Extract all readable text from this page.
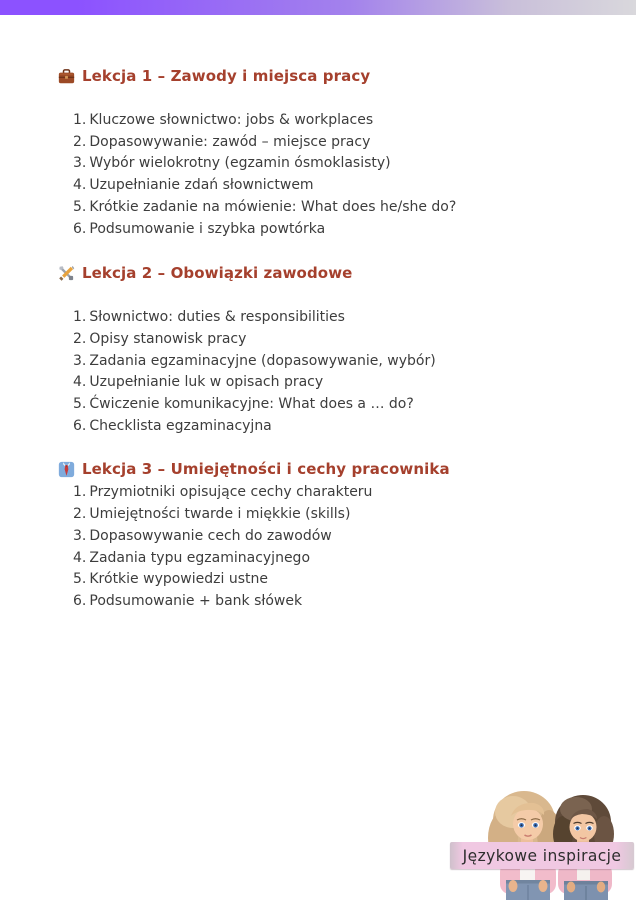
Lekcja 1 – Zawody i miejsca pracy
Kluczowe słownictwo: jobs & workplaces
Dopasowywanie: zawód – miejsce pracy
Wybór wielokrotny (egzamin ósmoklasisty)
Uzupełnianie zdań słownictwem
Krótkie zadanie na mówienie: What does he/she do?
Podsumowanie i szybka powtórka
Lekcja 2 – Obowiązki zawodowe
Słownictwo: duties & responsibilities
Opisy stanowisk pracy
Zadania egzaminacyjne (dopasowywanie, wybór)
Uzupełnianie luk w opisach pracy
Ćwiczenie komunikacyjne: What does a … do?
Checklista egzaminacyjna
Lekcja 3 – Umiejętności i cechy pracownika
Przymiotniki opisujące cechy charakteru
Umiejętności twarde i miękkie (skills)
Dopasowywanie cech do zawodów
Zadania typu egzaminacyjnego
Krótkie wypowiedzi ustne
Podsumowanie + bank słówek
Językowe inspiracje
